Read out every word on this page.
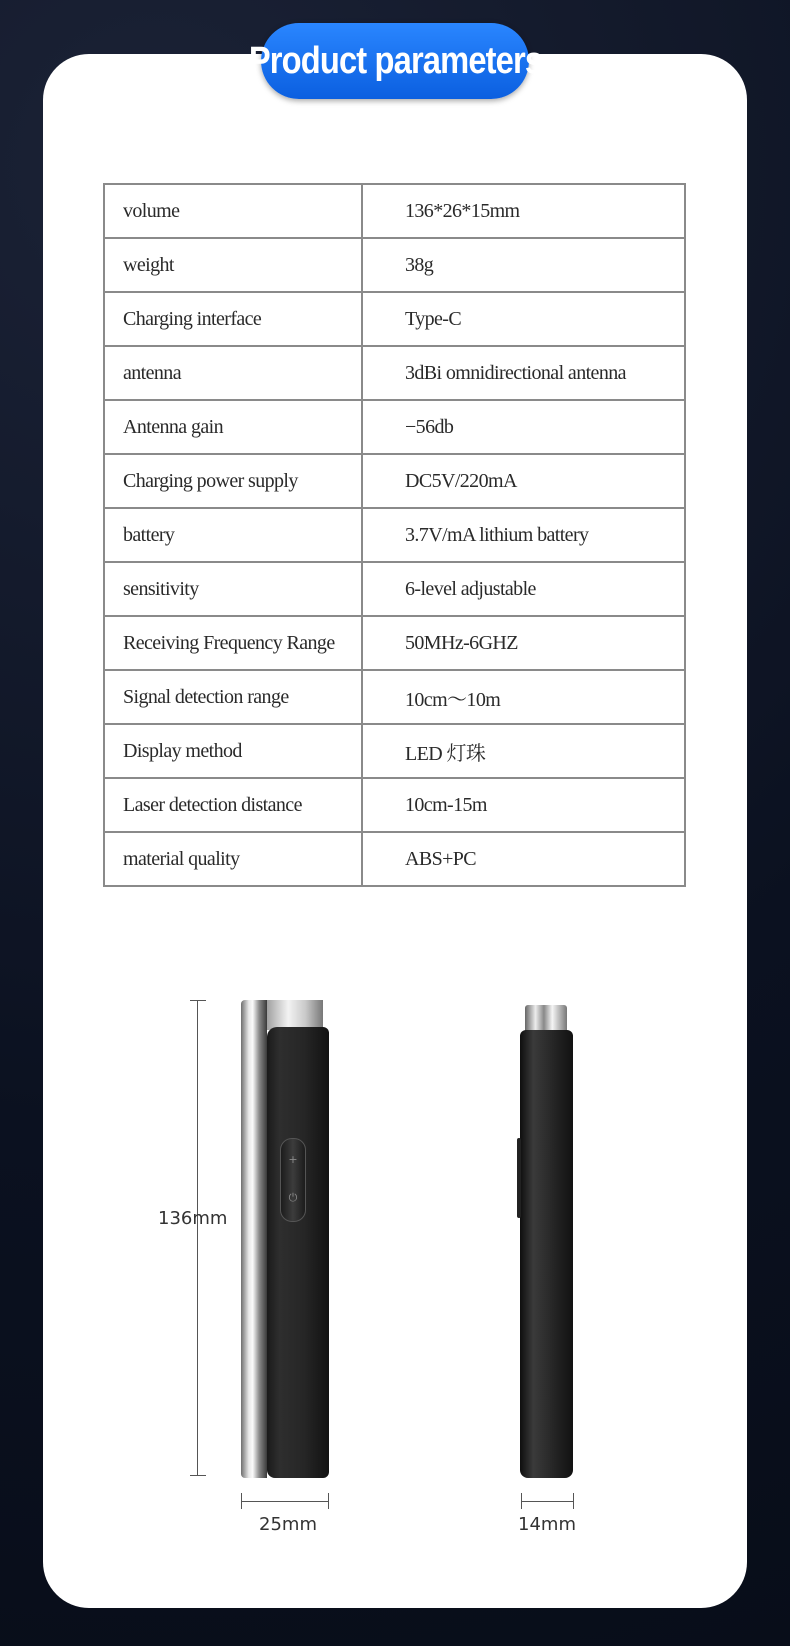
Product parameters
volume	136*26*15mm
weight	38g
Charging interface	Type-C
antenna	3dBi omnidirectional antenna
Antenna gain	−56db
Charging power supply	DC5V/220mA
battery	3.7V/mA lithium battery
sensitivity	6-level adjustable
Receiving Frequency Range	50MHz-6GHZ
Signal detection range	10cm～10m
Display method	LED 灯珠
Laser detection distance	10cm-15m
material quality	ABS+PC
136mm
+
⏻
25mm	14mm
